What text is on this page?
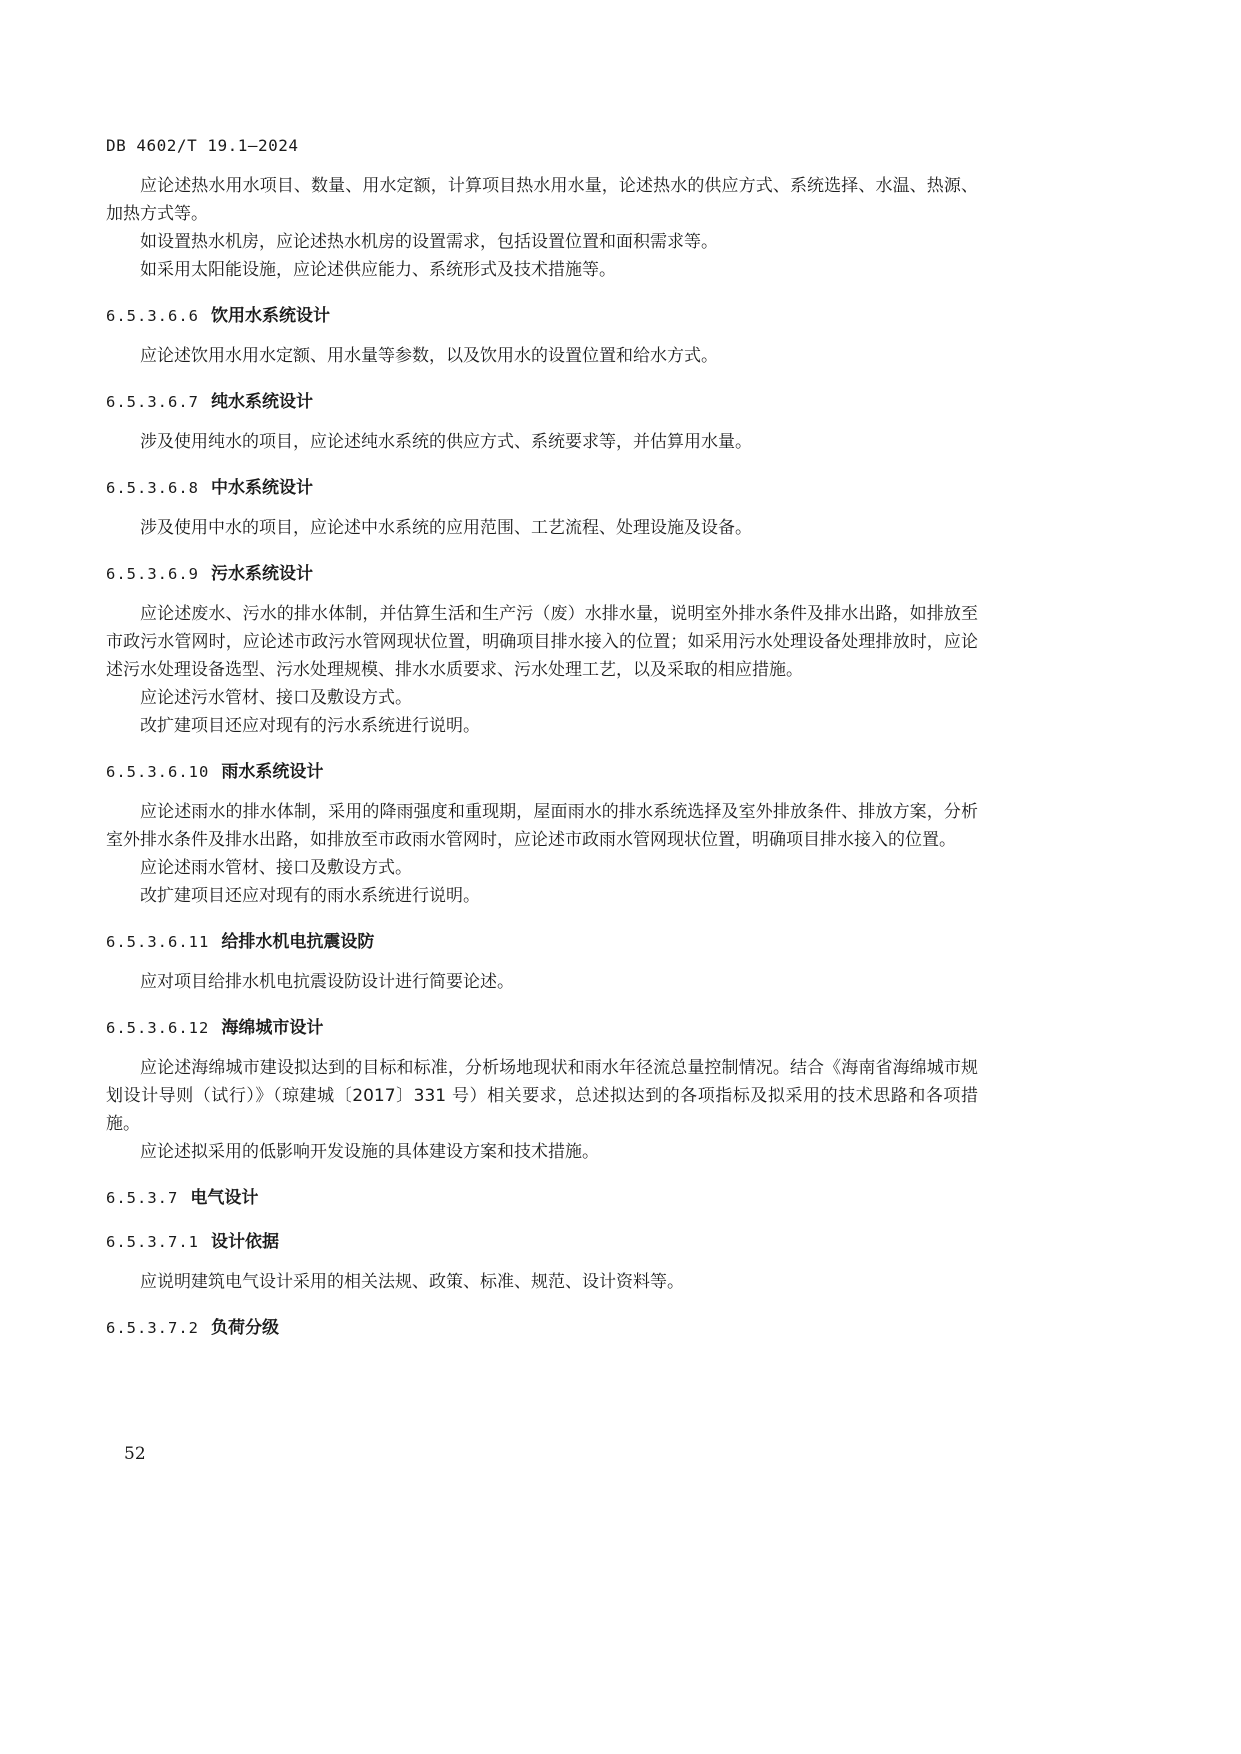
DB 4602/T 19.1—2024

应论述热水用水项目、数量、用水定额，计算项目热水用水量，论述热水的供应方式、系统选择、水温、热源、加热方式等。

如设置热水机房，应论述热水机房的设置需求，包括设置位置和面积需求等。

如采用太阳能设施，应论述供应能力、系统形式及技术措施等。

6.5.3.6.6 饮用水系统设计

应论述饮用水用水定额、用水量等参数，以及饮用水的设置位置和给水方式。

6.5.3.6.7 纯水系统设计

涉及使用纯水的项目，应论述纯水系统的供应方式、系统要求等，并估算用水量。

6.5.3.6.8 中水系统设计

涉及使用中水的项目，应论述中水系统的应用范围、工艺流程、处理设施及设备。

6.5.3.6.9 污水系统设计

应论述废水、污水的排水体制，并估算生活和生产污（废）水排水量，说明室外排水条件及排水出路，如排放至市政污水管网时，应论述市政污水管网现状位置，明确项目排水接入的位置；如采用污水处理设备处理排放时，应论述污水处理设备选型、污水处理规模、排水水质要求、污水处理工艺，以及采取的相应措施。

应论述污水管材、接口及敷设方式。

改扩建项目还应对现有的污水系统进行说明。

6.5.3.6.10 雨水系统设计

应论述雨水的排水体制，采用的降雨强度和重现期，屋面雨水的排水系统选择及室外排放条件、排放方案，分析室外排水条件及排水出路，如排放至市政雨水管网时，应论述市政雨水管网现状位置，明确项目排水接入的位置。

应论述雨水管材、接口及敷设方式。

改扩建项目还应对现有的雨水系统进行说明。

6.5.3.6.11 给排水机电抗震设防

应对项目给排水机电抗震设防设计进行简要论述。

6.5.3.6.12 海绵城市设计

应论述海绵城市建设拟达到的目标和标准，分析场地现状和雨水年径流总量控制情况。结合《海南省海绵城市规划设计导则（试行）》（琼建城〔2017〕331 号）相关要求，总述拟达到的各项指标及拟采用的技术思路和各项措施。

应论述拟采用的低影响开发设施的具体建设方案和技术措施。

6.5.3.7 电气设计
6.5.3.7.1 设计依据

应说明建筑电气设计采用的相关法规、政策、标准、规范、设计资料等。

6.5.3.7.2 负荷分级
52
